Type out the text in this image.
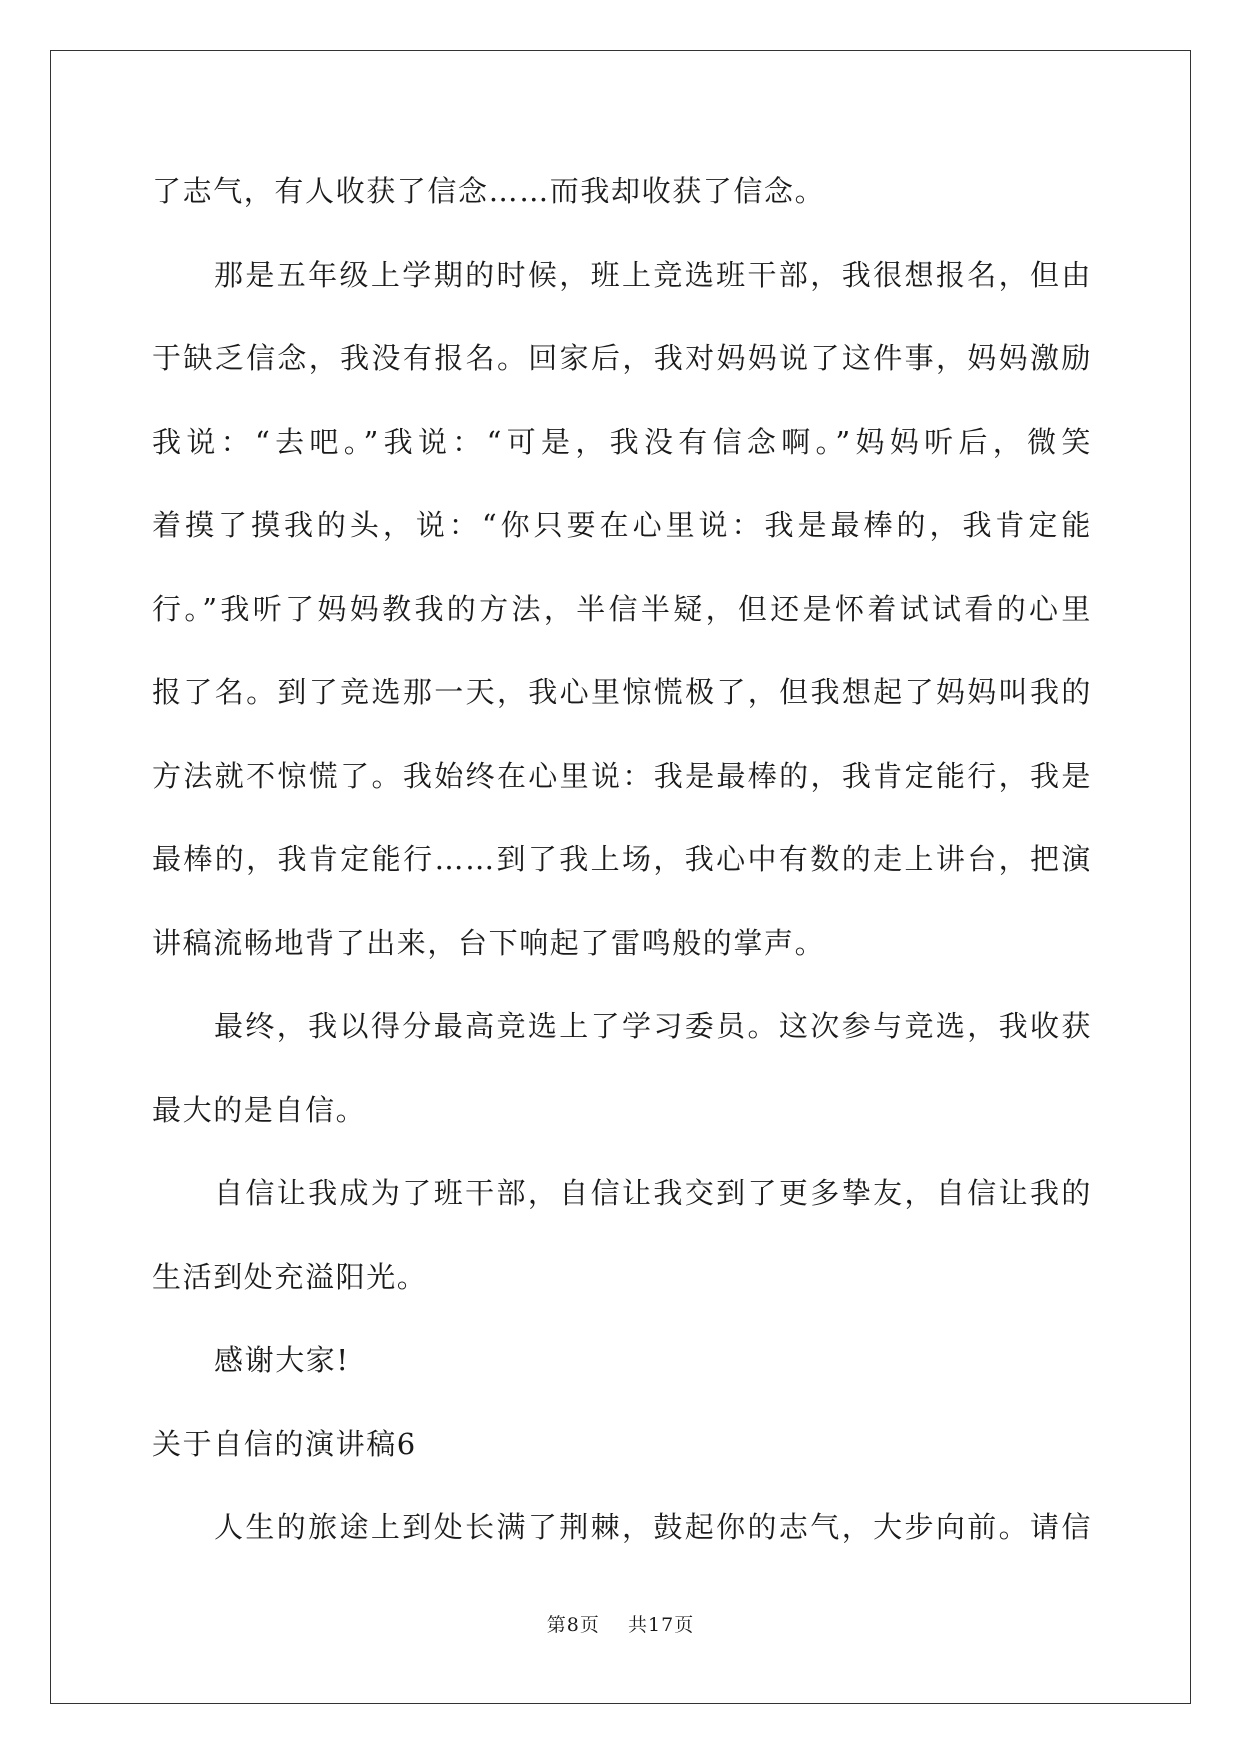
了志气，有人收获了信念……而我却收获了信念。
那是五年级上学期的时候，班上竞选班干部，我很想报名，但由
于缺乏信念，我没有报名。回家后，我对妈妈说了这件事，妈妈激励
我说：“去吧。”我说：“可是，我没有信念啊。”妈妈听后，微笑
着摸了摸我的头，说：“你只要在心里说：我是最棒的，我肯定能
行。”我听了妈妈教我的方法，半信半疑，但还是怀着试试看的心里
报了名。到了竞选那一天，我心里惊慌极了，但我想起了妈妈叫我的
方法就不惊慌了。我始终在心里说：我是最棒的，我肯定能行，我是
最棒的，我肯定能行……到了我上场，我心中有数的走上讲台，把演
讲稿流畅地背了出来，台下响起了雷鸣般的掌声。
最终，我以得分最高竞选上了学习委员。这次参与竞选，我收获
最大的是自信。
自信让我成为了班干部，自信让我交到了更多挚友，自信让我的
生活到处充溢阳光。
感谢大家!
关于自信的演讲稿6
人生的旅途上到处长满了荆棘，鼓起你的志气，大步向前。请信
第8页    共17页
